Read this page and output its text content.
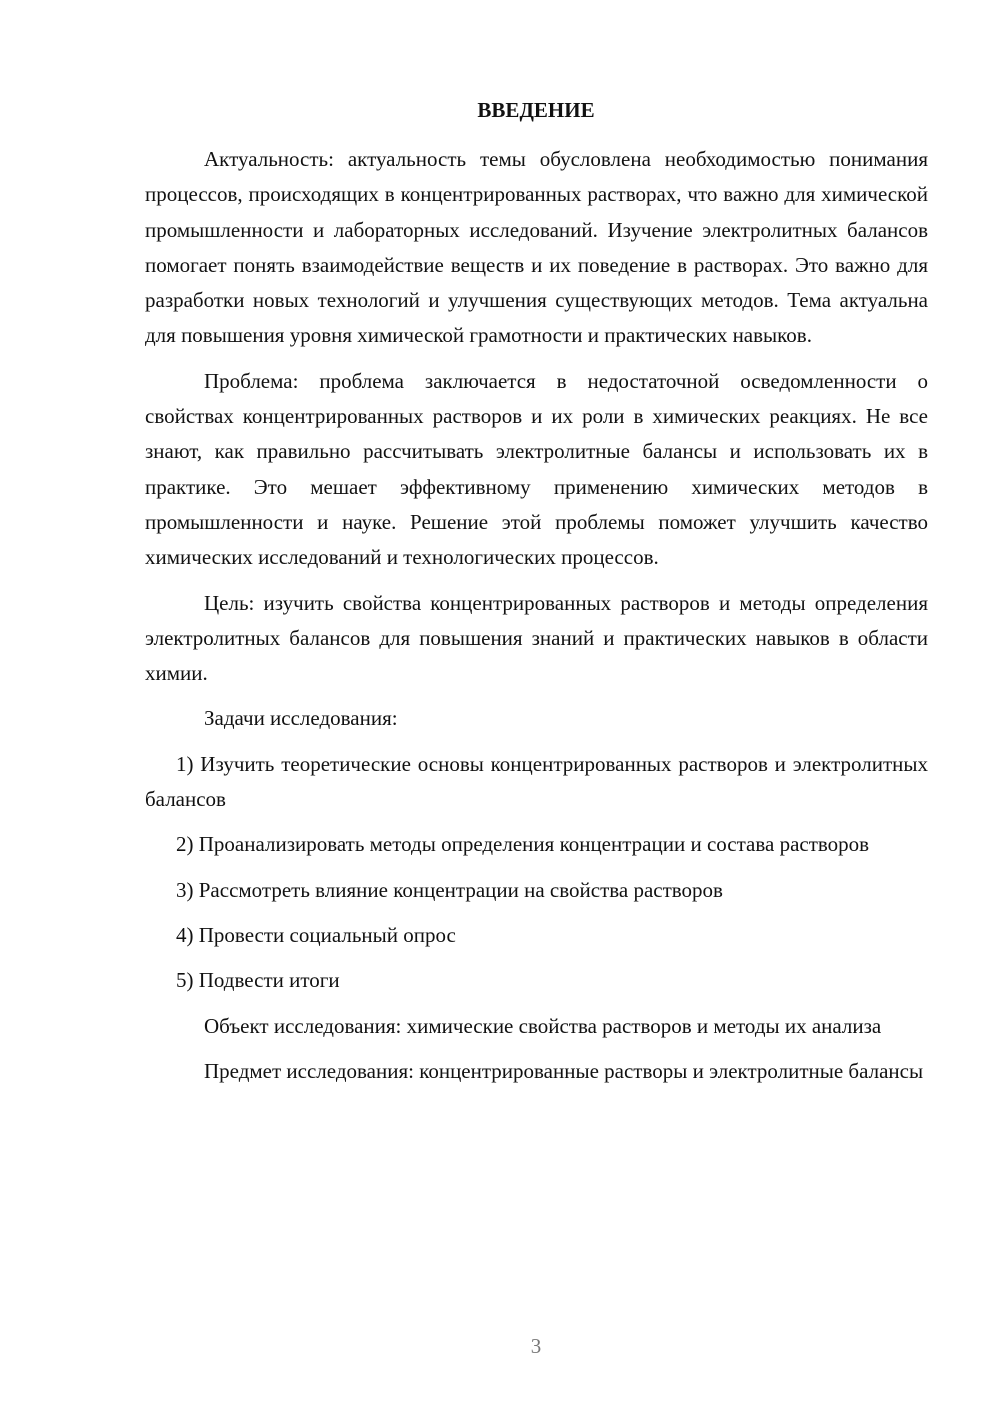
ВВЕДЕНИЕ

Актуальность: актуальность темы обусловлена необходимостью понимания процессов, происходящих в концентрированных растворах, что важно для химической промышленности и лабораторных исследований. Изучение электролитных балансов помогает понять взаимодействие веществ и их поведение в растворах. Это важно для разработки новых технологий и улучшения существующих методов. Тема актуальна для повышения уровня химической грамотности и практических навыков.

Проблема: проблема заключается в недостаточной осведомленности о свойствах концентрированных растворов и их роли в химических реакциях. Не все знают, как правильно рассчитывать электролитные балансы и использовать их в практике. Это мешает эффективному применению химических методов в промышленности и науке. Решение этой проблемы поможет улучшить качество химических исследований и технологических процессов.

Цель: изучить свойства концентрированных растворов и методы определения электролитных балансов для повышения знаний и практических навыков в области химии.

Задачи исследования:

1) Изучить теоретические основы концентрированных растворов и электролитных балансов

2) Проанализировать методы определения концентрации и состава растворов

3) Рассмотреть влияние концентрации на свойства растворов

4) Провести социальный опрос

5) Подвести итоги

Объект исследования: химические свойства растворов и методы их анализа

Предмет исследования: концентрированные растворы и электролитные балансы

3
